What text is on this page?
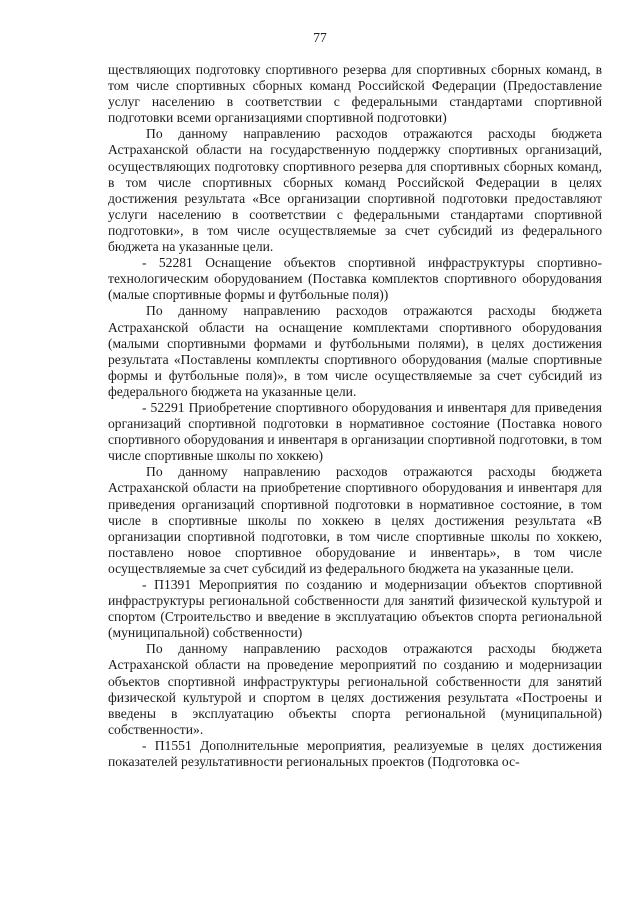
77

ществляющих подготовку спортивного резерва для спортивных сборных команд, в том числе спортивных сборных команд Российской Федерации (Предоставление услуг населению в соответствии с федеральными стандартами спортивной подготовки всеми организациями спортивной подготовки)

По данному направлению расходов отражаются расходы бюджета Астраханской области на государственную поддержку спортивных организаций, осуществляющих подготовку спортивного резерва для спортивных сборных команд, в том числе спортивных сборных команд Российской Федерации в целях достижения результата «Все организации спортивной подготовки предоставляют услуги населению в соответствии с федеральными стандартами спортивной подготовки», в том числе осуществляемые за счет субсидий из федерального бюджета на указанные цели.

- 52281 Оснащение объектов спортивной инфраструктуры спортивно-технологическим оборудованием (Поставка комплектов спортивного оборудования (малые спортивные формы и футбольные поля))

По данному направлению расходов отражаются расходы бюджета Астраханской области на оснащение комплектами спортивного оборудования (малыми спортивными формами и футбольными полями), в целях достижения результата «Поставлены комплекты спортивного оборудования (малые спортивные формы и футбольные поля)», в том числе осуществляемые за счет субсидий из федерального бюджета на указанные цели.

- 52291 Приобретение спортивного оборудования и инвентаря для приведения организаций спортивной подготовки в нормативное состояние (Поставка нового спортивного оборудования и инвентаря в организации спортивной подготовки, в том числе спортивные школы по хоккею)

По данному направлению расходов отражаются расходы бюджета Астраханской области на приобретение спортивного оборудования и инвентаря для приведения организаций спортивной подготовки в нормативное состояние, в том числе в спортивные школы по хоккею в целях достижения результата «В организации спортивной подготовки, в том числе спортивные школы по хоккею, поставлено новое спортивное оборудование и инвентарь», в том числе осуществляемые за счет субсидий из федерального бюджета на указанные цели.

- П1391 Мероприятия по созданию и модернизации объектов спортивной инфраструктуры региональной собственности для занятий физической культурой и спортом (Строительство и введение в эксплуатацию объектов спорта региональной (муниципальной) собственности)

По данному направлению расходов отражаются расходы бюджета Астраханской области на проведение мероприятий по созданию и модернизации объектов спортивной инфраструктуры региональной собственности для занятий физической культурой и спортом в целях достижения результата «Построены и введены в эксплуатацию объекты спорта региональной (муниципальной) собственности».

- П1551 Дополнительные мероприятия, реализуемые в целях достижения показателей результативности региональных проектов (Подготовка ос-
